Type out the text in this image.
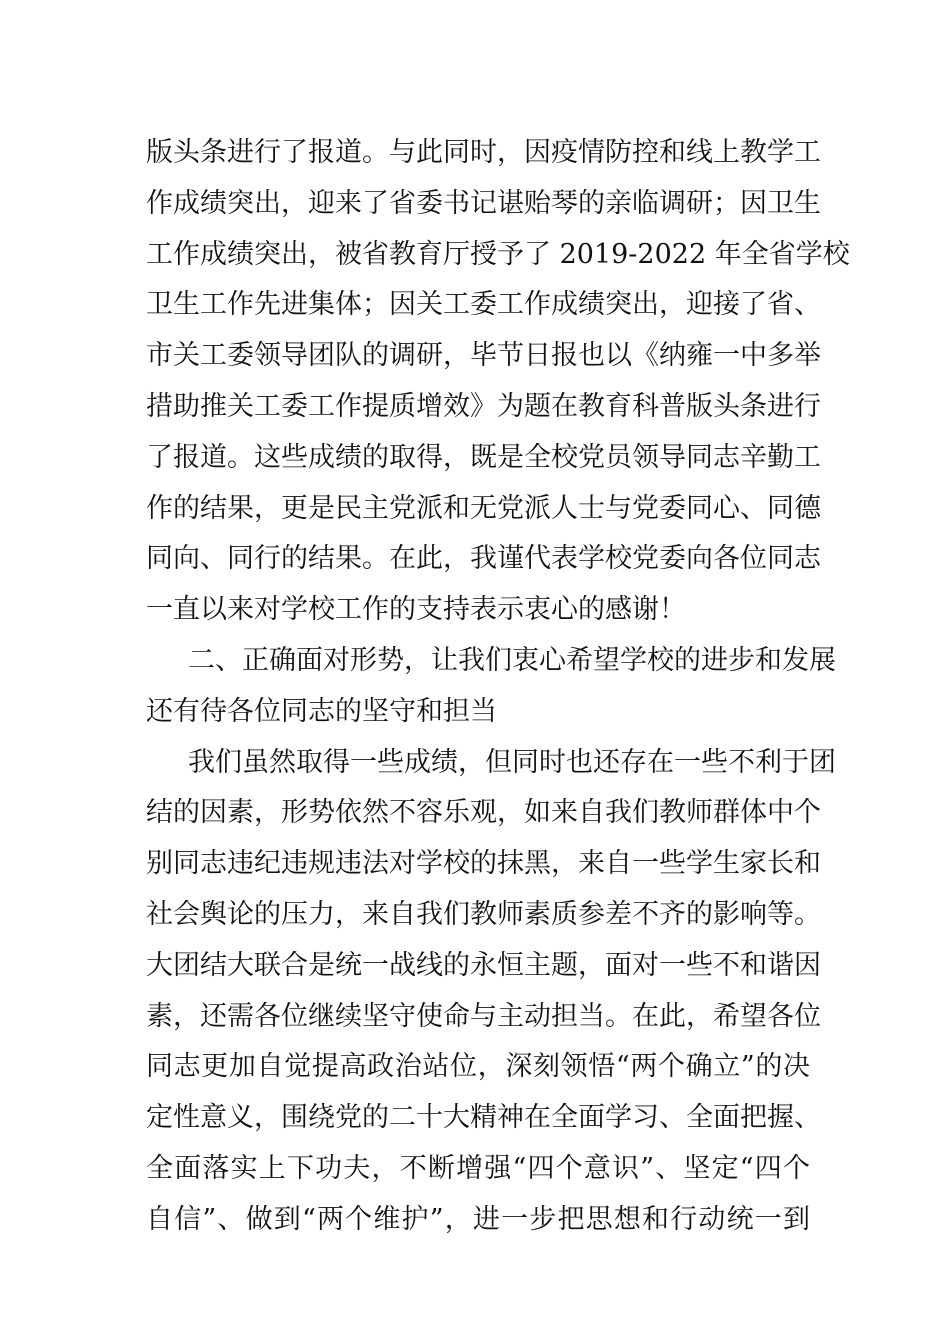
版头条进行了报道。与此同时，因疫情防控和线上教学工
作成绩突出，迎来了省委书记谌贻琴的亲临调研；因卫生
工作成绩突出，被省教育厅授予了 2019-2022 年全省学校
卫生工作先进集体；因关工委工作成绩突出，迎接了省、
市关工委领导团队的调研，毕节日报也以《纳雍一中多举
措助推关工委工作提质增效》为题在教育科普版头条进行
了报道。这些成绩的取得，既是全校党员领导同志辛勤工
作的结果，更是民主党派和无党派人士与党委同心、同德
同向、同行的结果。在此，我谨代表学校党委向各位同志
一直以来对学校工作的支持表示衷心的感谢！
二、正确面对形势，让我们衷心希望学校的进步和发展
还有待各位同志的坚守和担当
我们虽然取得一些成绩，但同时也还存在一些不利于团
结的因素，形势依然不容乐观，如来自我们教师群体中个
别同志违纪违规违法对学校的抹黑，来自一些学生家长和
社会舆论的压力，来自我们教师素质参差不齐的影响等。
大团结大联合是统一战线的永恒主题，面对一些不和谐因
素，还需各位继续坚守使命与主动担当。在此，希望各位
同志更加自觉提高政治站位，深刻领悟“两个确立”的决
定性意义，围绕党的二十大精神在全面学习、全面把握、
全面落实上下功夫，不断增强“四个意识”、坚定“四个
自信”、做到“两个维护”，进一步把思想和行动统一到
